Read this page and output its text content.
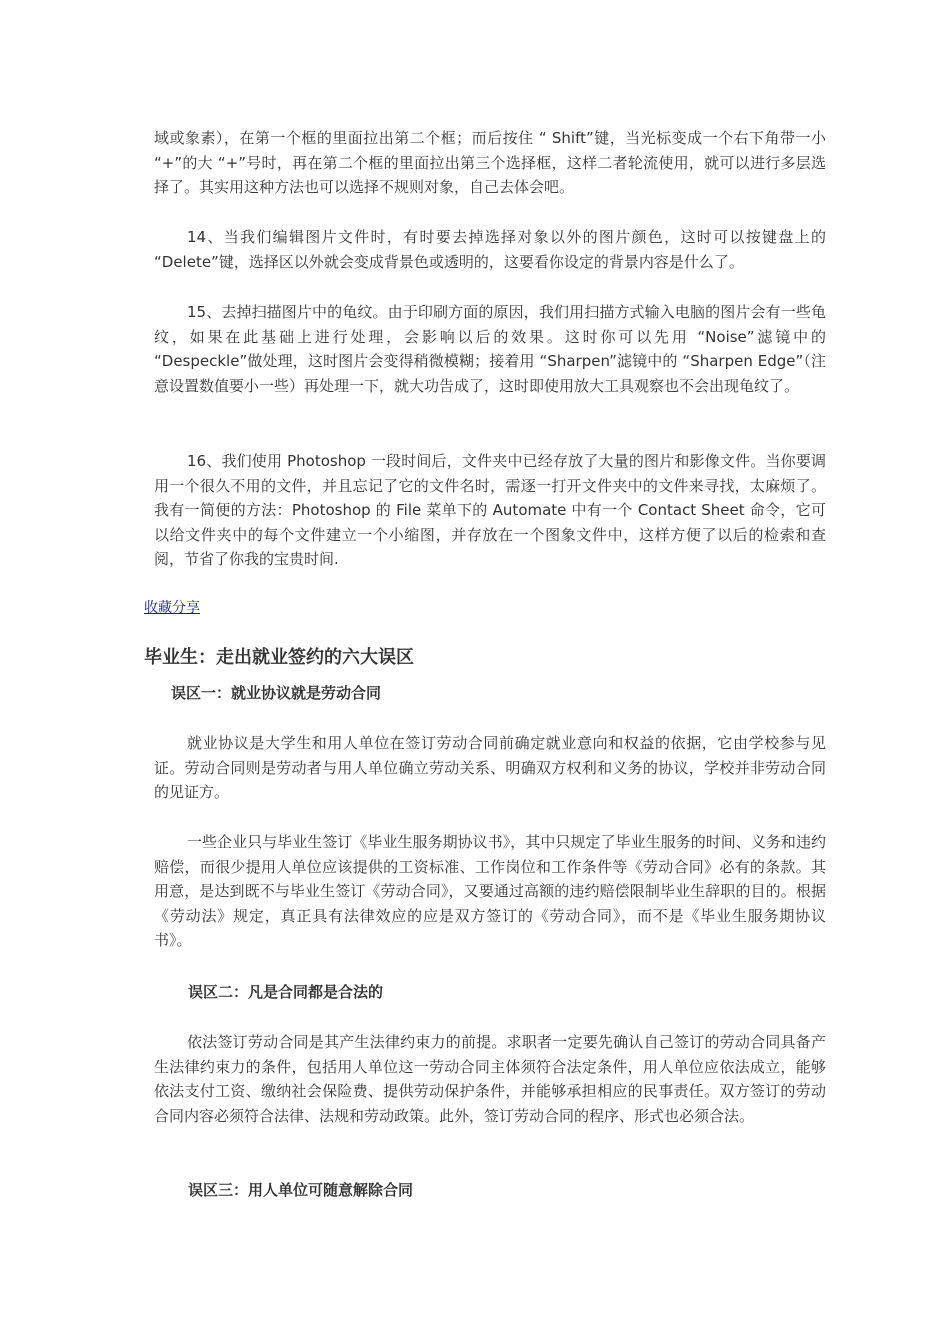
域或象素），在第一个框的里面拉出第二个框；而后按住 “ Shift”键，当光标变成一个右下角带一小 “+”的大 “+”号时，再在第二个框的里面拉出第三个选择框，这样二者轮流使用，就可以进行多层选择了。其实用这种方法也可以选择不规则对象，自己去体会吧。

14、当我们编辑图片文件时，有时要去掉选择对象以外的图片颜色，这时可以按键盘上的 “Delete”键，选择区以外就会变成背景色或透明的，这要看你设定的背景内容是什么了。

15、去掉扫描图片中的龟纹。由于印刷方面的原因，我们用扫描方式输入电脑的图片会有一些龟纹，如果在此基础上进行处理，会影响以后的效果。这时你可以先用 “Noise”滤镜中的 “Despeckle”做处理，这时图片会变得稍微模糊；接着用 “Sharpen”滤镜中的 “Sharpen Edge”（注意设置数值要小一些）再处理一下，就大功告成了，这时即使用放大工具观察也不会出现龟纹了。

16、我们使用 Photoshop 一段时间后，文件夹中已经存放了大量的图片和影像文件。当你要调用一个很久不用的文件，并且忘记了它的文件名时，需逐一打开文件夹中的文件来寻找，太麻烦了。我有一简便的方法：Photoshop 的 File 菜单下的 Automate 中有一个 Contact Sheet 命令，它可以给文件夹中的每个文件建立一个小缩图，并存放在一个图象文件中，这样方便了以后的检索和查阅，节省了你我的宝贵时间.

收藏分享
毕业生：走出就业签约的六大误区
误区一：就业协议就是劳动合同

就业协议是大学生和用人单位在签订劳动合同前确定就业意向和权益的依据，它由学校参与见证。劳动合同则是劳动者与用人单位确立劳动关系、明确双方权利和义务的协议，学校并非劳动合同的见证方。

一些企业只与毕业生签订《毕业生服务期协议书》，其中只规定了毕业生服务的时间、义务和违约赔偿，而很少提用人单位应该提供的工资标准、工作岗位和工作条件等《劳动合同》必有的条款。其用意，是达到既不与毕业生签订《劳动合同》，又要通过高额的违约赔偿限制毕业生辞职的目的。根据《劳动法》规定，真正具有法律效应的应是双方签订的《劳动合同》，而不是《毕业生服务期协议书》。

误区二：凡是合同都是合法的

依法签订劳动合同是其产生法律约束力的前提。求职者一定要先确认自己签订的劳动合同具备产生法律约束力的条件，包括用人单位这一劳动合同主体须符合法定条件，用人单位应依法成立，能够依法支付工资、缴纳社会保险费、提供劳动保护条件，并能够承担相应的民事责任。双方签订的劳动合同内容必须符合法律、法规和劳动政策。此外，签订劳动合同的程序、形式也必须合法。

误区三：用人单位可随意解除合同
